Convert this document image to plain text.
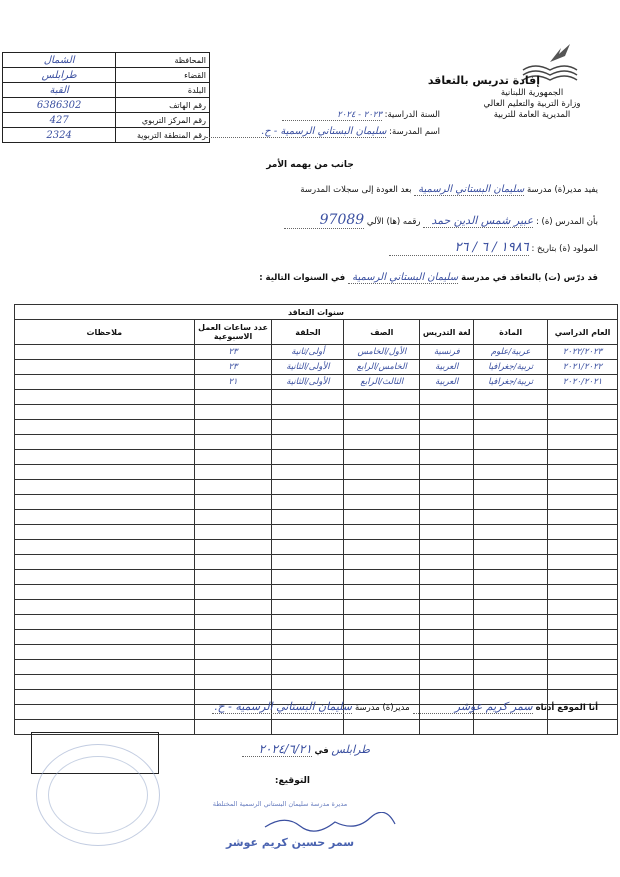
الشمال	المحافظة
طرابلس	القضاء
القبة	البلدة
6386302	رقم الهاتف
427	رقم المركز التربوي
2324	رقم المنطقة التربوية
الجمهورية اللبنانية
وزارة التربية والتعليم العالي
المديرية العامة للتربية
إفادة تدريس بالتعاقد
السنة الدراسية: ٢٠٢٣ - ٢٠٢٤
اسم المدرسة: سليمان البستاني الرسمية - ح.
جانب من يهمه الأمر
يفيد مدير(ة) مدرسة سليمان البستاني الرسمية بعد العودة إلى سجلات المدرسة
بأن المدرس (ة) : عبير شمس الدين حمد رقمه (ها) الآلي 97089
المولود (ة) بتاريخ : ١٩٨٦ / ٦ / ٢٦
قد درّس (ت) بالتعاقد في مدرسة سليمان البستاني الرسمية في السنوات التالية :
سنوات التعاقد						
العام الدراسي	المادة	لغة التدريس	الصف	الحلقة	عدد ساعات العمل الاسبوعية	ملاحظات
٢٠٢٢/٢٠٢٣	عربية/علوم	فرنسية	الأول/الخامس	أولى/ثانية	٢٣	
٢٠٢١/٢٠٢٢	تربية/جغرافيا	العربية	الخامس/الرابع	الأولى/الثانية	٢٣	
٢٠٢٠/٢٠٢١	تربية/جغرافيا	العربية	الثالث/الرابع	الأولى/الثانية	٢١	

أنا الموقع أدناه سمر كريم عوشر مدير(ة) مدرسة سليمان البستاني الرسمية - ح.
طرابلس في ٢٠٢٤/٦/٢١
التوقيع:
مديرة مدرسة سليمان البستاني الرسمية المختلطة
سمر حسين كريم عوشر
